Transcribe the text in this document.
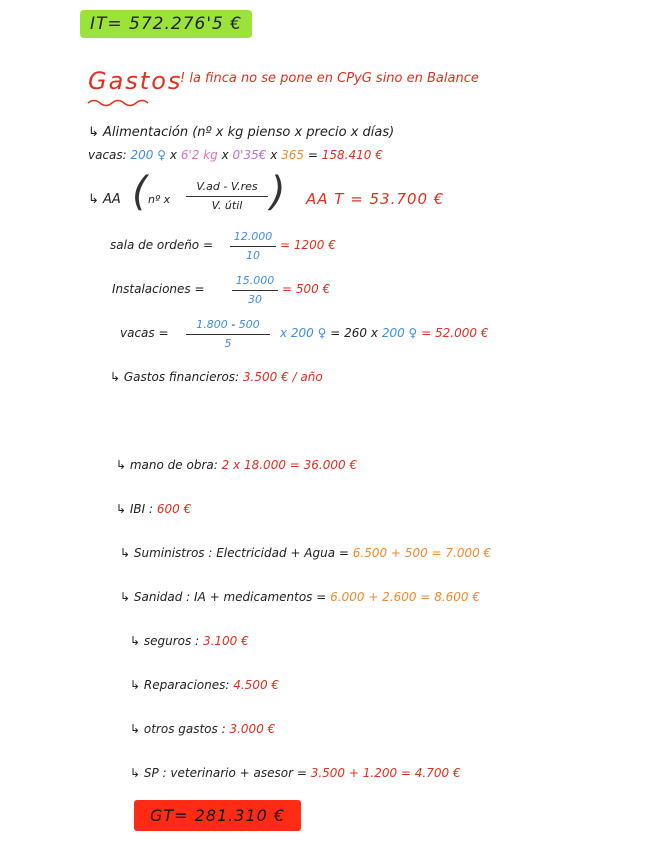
IT= 572.276'5 €
Gastos
! la finca no se pone en CPyG sino en Balance
↳ Alimentación (nº x kg pienso x precio x días)
vacas: 200 ♀ x 6'2 kg x 0'35€ x 365 = 158.410 €
↳ AA ( nº x
V.ad - V.res
V. útil ) AA T = 53.700 €
sala de ordeño =
12.000
10
= 1200 €
Instalaciones =
15.000
30
= 500 €
vacas =
1.800 - 500
5
x 200 ♀ = 260 x 200 ♀ = 52.000 €
↳ Gastos financieros: 3.500 € / año
↳ mano de obra: 2 x 18.000 = 36.000 €
↳ IBI : 600 €
↳ Suministros : Electricidad + Agua = 6.500 + 500 = 7.000 €
↳ Sanidad : IA + medicamentos = 6.000 + 2.600 = 8.600 €
↳ seguros : 3.100 €
↳ Reparaciones: 4.500 €
↳ otros gastos : 3.000 €
↳ SP : veterinario + asesor = 3.500 + 1.200 = 4.700 €
GT= 281.310 €
